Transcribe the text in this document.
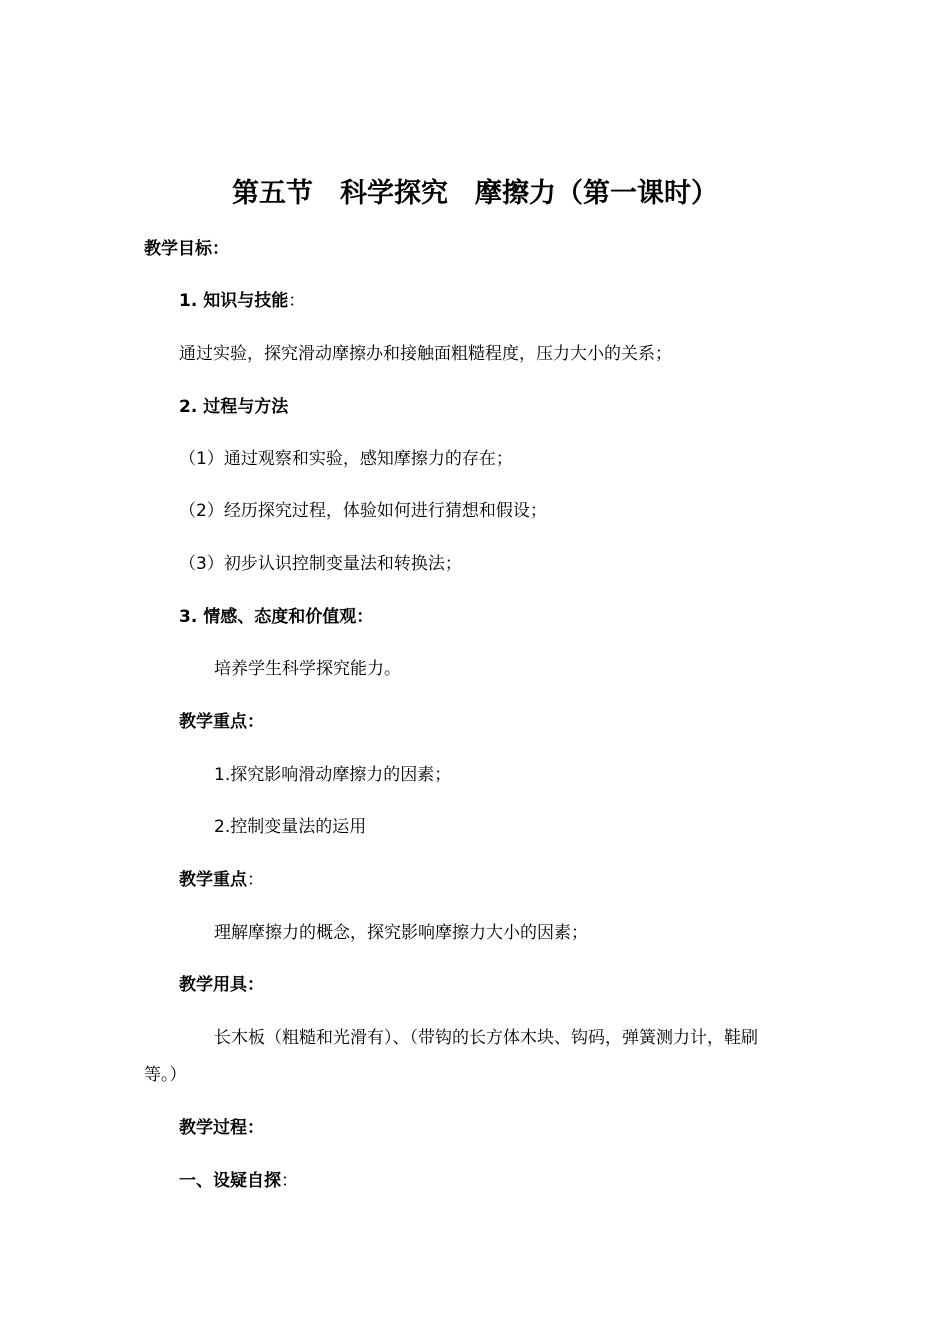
第五节　科学探究　摩擦力（第一课时）
教学目标：
1. 知识与技能：
通过实验，探究滑动摩擦办和接触面粗糙程度，压力大小的关系；
2. 过程与方法
（1）通过观察和实验，感知摩擦力的存在；
（2）经历探究过程，体验如何进行猜想和假设；
（3）初步认识控制变量法和转换法；
3. 情感、态度和价值观：
培养学生科学探究能力。
教学重点：
1.探究影响滑动摩擦力的因素；
2.控制变量法的运用
教学重点：
理解摩擦力的概念，探究影响摩擦力大小的因素；
教学用具：
长木板（粗糙和光滑有）、（带钩的长方体木块、钩码，弹簧测力计，鞋刷
等。）
教学过程：
一、设疑自探：
